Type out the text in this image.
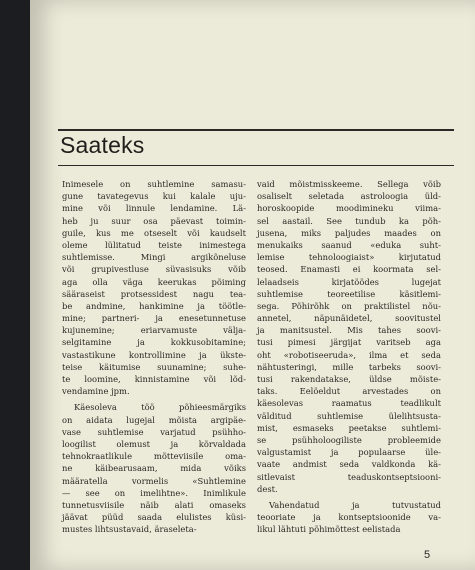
Saateks
Inimesele on suhtlemine samasu-
gune tavategevus kui kalale uju-
mine või linnule lendamine. Lä-
heb ju suur osa päevast toimin-
guile, kus me otseselt või kaudselt
oleme lülitatud teiste inimestega
suhtlemisse.	Mingi	argikõneluse
või grupivestluse süvasisuks võib
aga olla väga keerukas põiming
sääraseist protsessidest nagu tea-
be andmine, hankimine ja töötle-
mine; partneri- ja enesetunnetuse
kujunemine;	eriarvamuste	välja-
selgitamine	ja	kokkusobitamine;
vastastikune kontrollimine ja ükste-
teise käitumise suunamine; suhe-
te loomine, kinnistamine või lõd-
vendamine jpm.
Käesoleva	töö	põhieesmärgiks
on aidata lugejal mõista argipäe-
vase suhtlemise varjatud psühho-
loogilist olemust ja kõrvaldada
tehnokraatlikule	mõtteviisile	oma-
ne	käibearusaam,	mida	võiks
määratella	vormelis	«Suhtlemine
— see on imelihtne». Inimlikule
tunnetusviisile näib alati omaseks
jäävat püüd saada elulistes küsi-
mustes lihtsustavaid, äraseleta-
vaid mõistmisskeeme. Sellega võib
osaliselt seletada astroloogia üld-
horoskoopide	moodimineku	viima-
sel aastail. See tundub ka põh-
jusena, miks paljudes maades on
menukaiks saanud «eduka suht-
lemise	tehnoloogiaist»	kirjutatud
teosed. Enamasti ei koormata sel-
lelaadseis	kirjatöödes	lugejat
suhtlemise	teoreetilise	käsitlemi-
sega. Põhirõhk on praktilistel nõu-
annetel,	näpunäidetel,	soovitustel
ja manitsustel. Mis tahes soovi-
tusi pimesi järgijat varitseb aga
oht «robotiseeruda», ilma et seda
nähtusteringi, mille tarbeks soovi-
tusi rakendatakse, üldse mõiste-
taks.	Eelöeldut	arvestades	on
käesolevas	raamatus	teadlikult
välditud	suhtlemise	ülelihtsusta-
mist, esmaseks peetakse suhtlemi-
se	psühholoogiliste	probleemide
valgustamist ja populaarse üle-
vaate andmist seda valdkonda kä-
sitlevaist	teaduskontseptsiooni-
dest.
Vahendatud	ja	tutvustatud
teooriate ja kontseptsioonide va-
likul lähtuti põhimõttest eelistada
5
